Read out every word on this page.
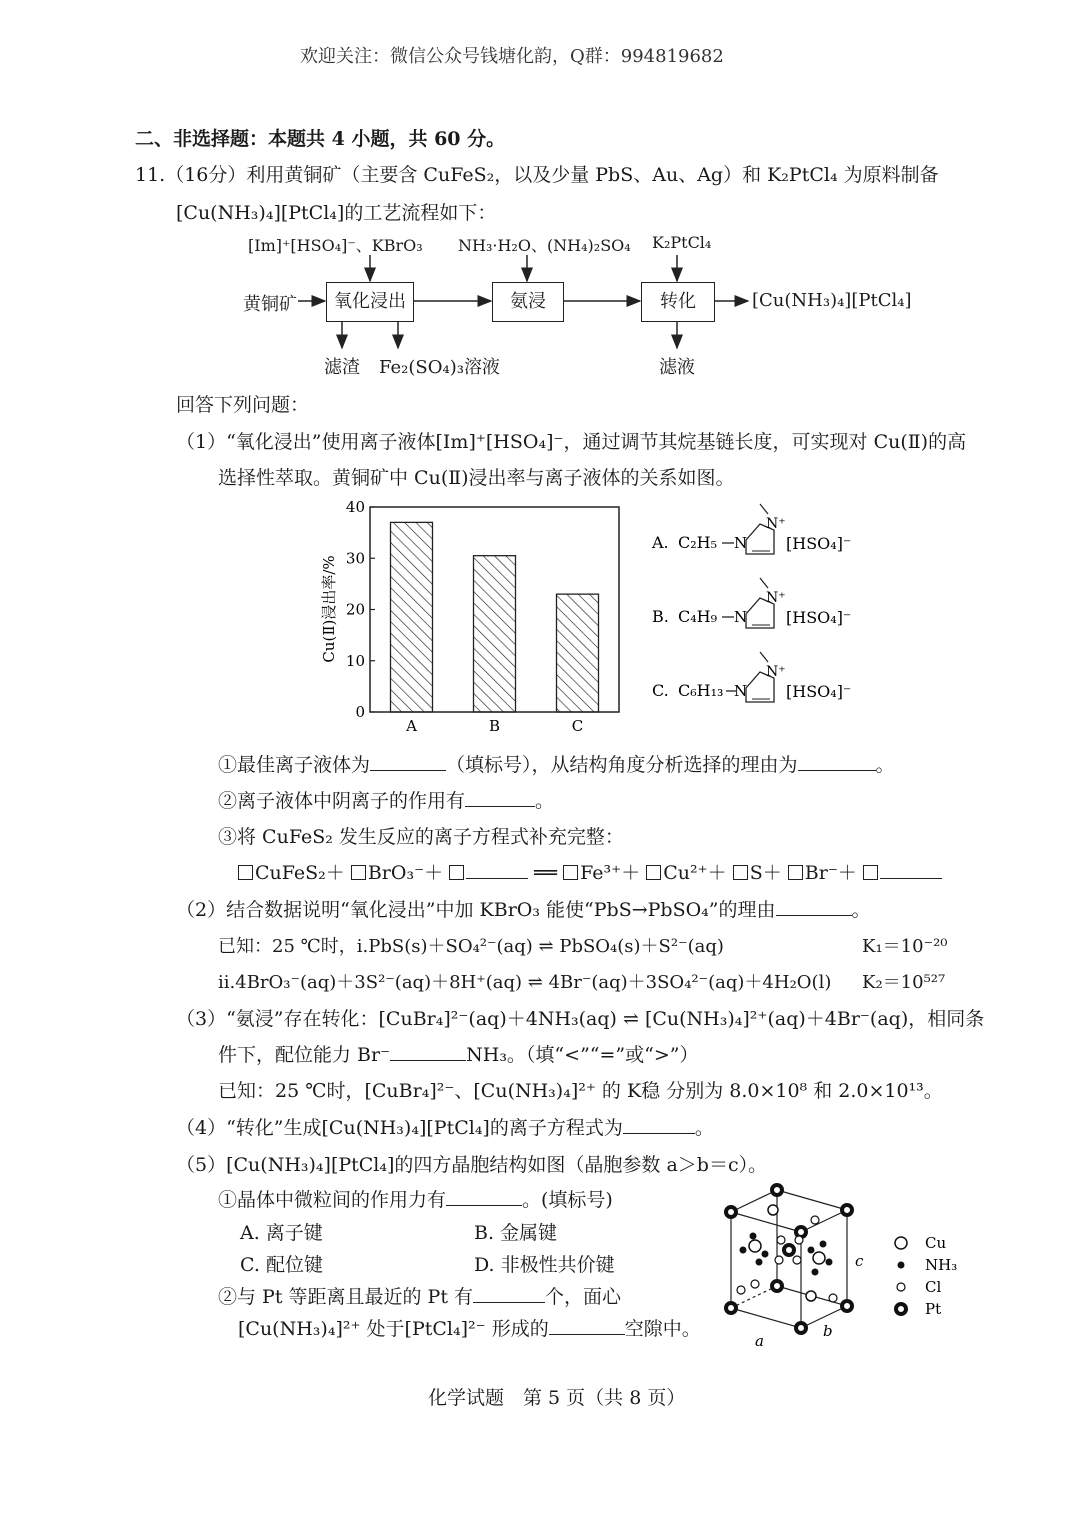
欢迎关注：微信公众号钱塘化韵，Q群：994819682
二、非选择题：本题共 4 小题，共 60 分。
11.（16分）利用黄铜矿（主要含 CuFeS₂，以及少量 PbS、Au、Ag）和 K₂PtCl₄ 为原料制备
[Cu(NH₃)₄][PtCl₄]的工艺流程如下：
[Im]⁺[HSO₄]⁻、KBrO₃ NH₃·H₂O、(NH₄)₂SO₄ K₂PtCl₄
黄铜矿	氧化浸出	氨浸	转化	[Cu(NH₃)₄][PtCl₄]
滤渣 Fe₂(SO₄)₃溶液	滤液
回答下列问题：
（1）“氧化浸出”使用离子液体[Im]⁺[HSO₄]⁻，通过调节其烷基链长度，可实现对 Cu(Ⅱ)的高
选择性萃取。黄铜矿中 Cu(Ⅱ)浸出率与离子液体的关系如图。
0
10
20
30
40
A	B	C
Cu(Ⅱ)浸出率/%
A. C₂H₅ N
N⁺
[HSO₄]⁻
B. C₄H₉ N
N⁺
[HSO₄]⁻
C. C₆H₁₃ N
N⁺
[HSO₄]⁻
①最佳离子液体为	（填标号），从结构角度分析选择的理由为	。
②离子液体中阴离子的作用有	。
③将 CuFeS₂ 发生反应的离子方程式补充完整：
CuFeS₂＋ BrO₃⁻＋	══ Fe³⁺＋ Cu²⁺＋ S＋ Br⁻＋
（2）结合数据说明“氧化浸出”中加 KBrO₃ 能使“PbS→PbSO₄”的理由	。
已知：25 ℃时，i.PbS(s)＋SO₄²⁻(aq) ⇌ PbSO₄(s)＋S²⁻(aq)	K₁＝10⁻²⁰
ii.4BrO₃⁻(aq)＋3S²⁻(aq)＋8H⁺(aq) ⇌ 4Br⁻(aq)＋3SO₄²⁻(aq)＋4H₂O(l) K₂＝10⁵²⁷
（3）“氨浸”存在转化：[CuBr₄]²⁻(aq)＋4NH₃(aq) ⇌ [Cu(NH₃)₄]²⁺(aq)＋4Br⁻(aq)，相同条
件下，配位能力 Br⁻	NH₃。（填“<”“=”或“>”）
已知：25 ℃时，[CuBr₄]²⁻、[Cu(NH₃)₄]²⁺ 的 K稳 分别为 8.0×10⁸ 和 2.0×10¹³。
（4）“转化”生成[Cu(NH₃)₄][PtCl₄]的离子方程式为	。
（5）[Cu(NH₃)₄][PtCl₄]的四方晶胞结构如图（晶胞参数 a＞b＝c）。
①晶体中微粒间的作用力有	。(填标号)
A. 离子键	B. 金属键
C. 配位键	D. 非极性共价键
②与 Pt 等距离且最近的 Pt 有	个，面心
[Cu(NH₃)₄]²⁺ 处于[PtCl₄]²⁻ 形成的	空隙中。
a
b
c
Cu
NH₃
Cl
Pt
化学试题　第 5 页（共 8 页）
